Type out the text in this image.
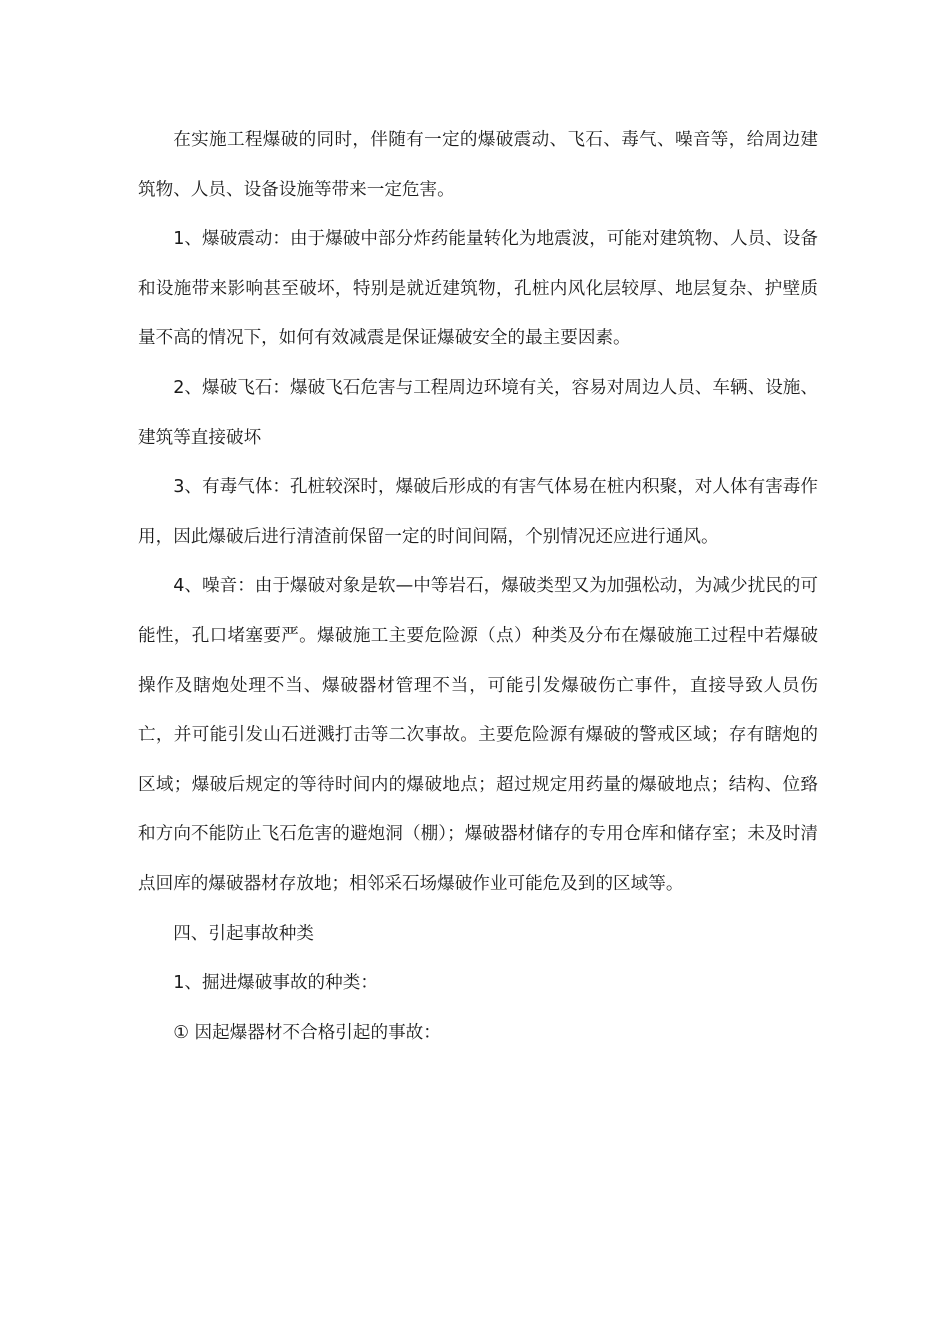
在实施工程爆破的同时，伴随有一定的爆破震动、飞石、毒气、噪音等，给周边建筑物、人员、设备设施等带来一定危害。

1、爆破震动：由于爆破中部分炸药能量转化为地震波，可能对建筑物、人员、设备和设施带来影响甚至破坏，特别是就近建筑物，孔桩内风化层较厚、地层复杂、护壁质量不高的情况下，如何有效减震是保证爆破安全的最主要因素。

2、爆破飞石：爆破飞石危害与工程周边环境有关，容易对周边人员、车辆、设施、建筑等直接破坏

3、有毒气体：孔桩较深时，爆破后形成的有害气体易在桩内积聚，对人体有害毒作用，因此爆破后进行清渣前保留一定的时间间隔，个别情况还应进行通风。

4、噪音：由于爆破对象是软—中等岩石，爆破类型又为加强松动，为减少扰民的可能性，孔口堵塞要严。爆破施工主要危险源（点）种类及分布在爆破施工过程中若爆破操作及瞎炮处理不当、爆破器材管理不当，可能引发爆破伤亡事件，直接导致人员伤亡，并可能引发山石迸溅打击等二次事故。主要危险源有爆破的警戒区域；存有瞎炮的区域；爆破后规定的等待时间内的爆破地点；超过规定用药量的爆破地点；结构、位臵和方向不能防止飞石危害的避炮洞（棚）；爆破器材储存的专用仓库和储存室；未及时清点回库的爆破器材存放地；相邻采石场爆破作业可能危及到的区域等。

四、引起事故种类

1、掘进爆破事故的种类：

① 因起爆器材不合格引起的事故：
